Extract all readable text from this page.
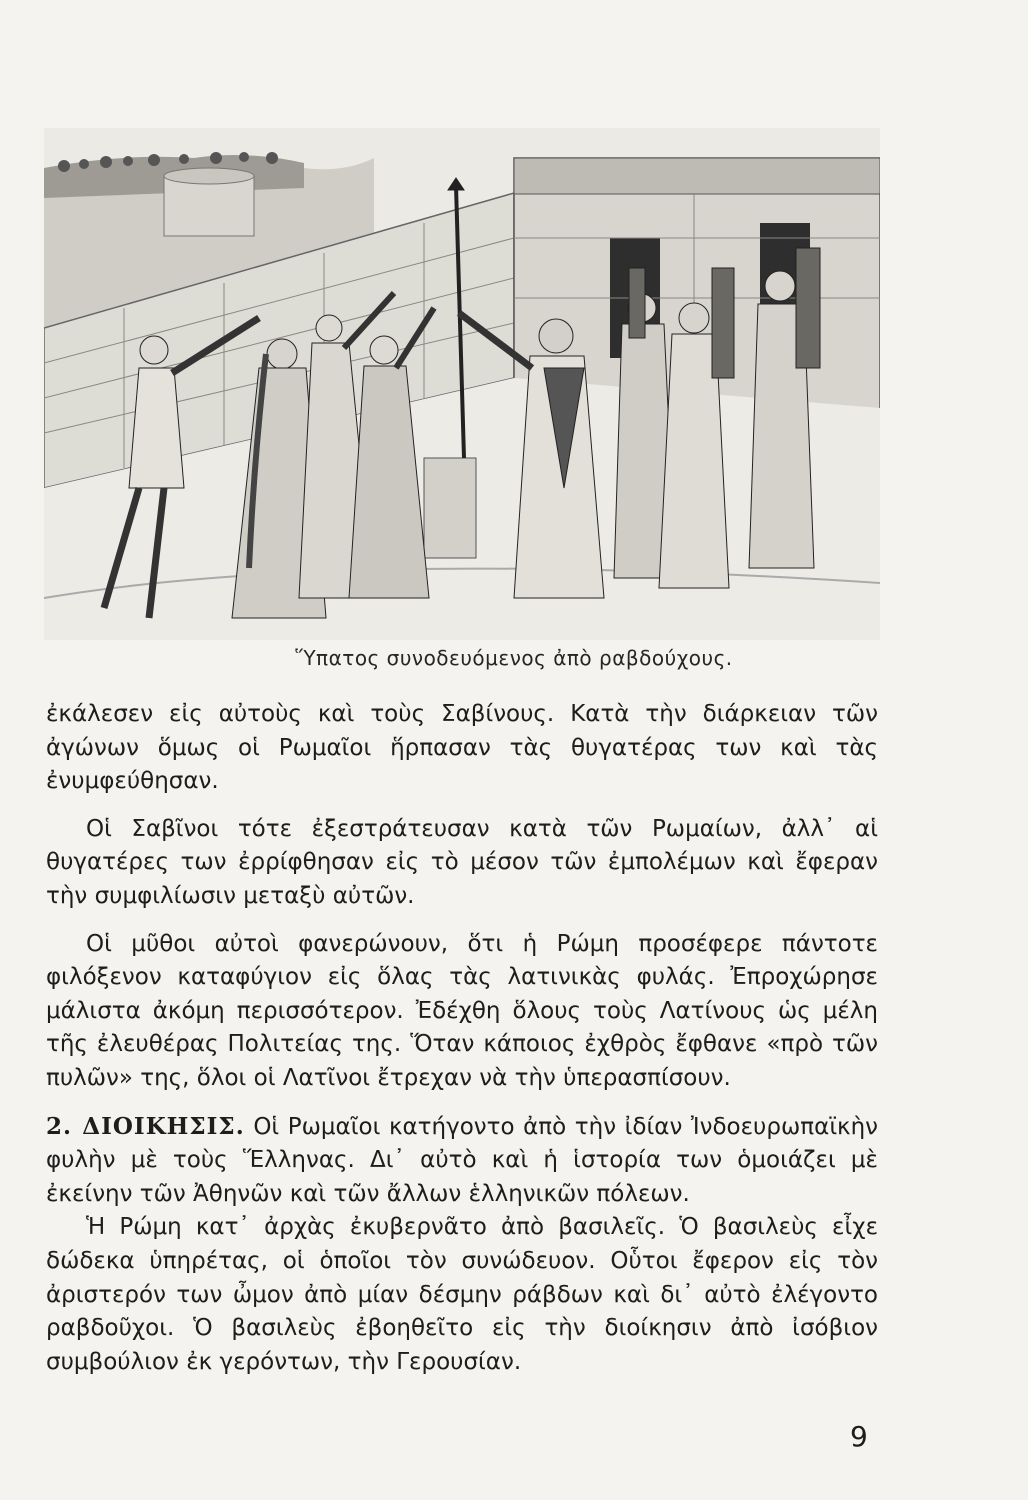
Ὕπατος συνοδευόμενος ἀπὸ ραβδούχους.

ἐκάλεσεν εἰς αὐτοὺς καὶ τοὺς Σαβίνους. Κατὰ τὴν διάρκειαν τῶν ἀγώνων ὅμως οἱ Ρωμαῖοι ἥρπασαν τὰς θυγατέρας των καὶ τὰς ἐνυμφεύθησαν.

Οἱ Σαβῖνοι τότε ἐξεστράτευσαν κατὰ τῶν Ρωμαίων, ἀλλ᾽ αἱ θυγατέρες των ἐρρίφθησαν εἰς τὸ μέσον τῶν ἐμπολέμων καὶ ἔφεραν τὴν συμφιλίωσιν μεταξὺ αὐτῶν.

Οἱ μῦθοι αὐτοὶ φανερώνουν, ὅτι ἡ Ρώμη προσέφερε πάντοτε φιλόξενον καταφύγιον εἰς ὅλας τὰς λατινικὰς φυλάς. Ἐπροχώρησε μάλιστα ἀκόμη περισσότερον. Ἐδέχθη ὅλους τοὺς Λατίνους ὡς μέλη τῆς ἐλευθέρας Πολιτείας της. Ὅταν κάποιος ἐχθρὸς ἔφθανε «πρὸ τῶν πυλῶν» της, ὅλοι οἱ Λατῖνοι ἔτρεχαν νὰ τὴν ὑπερασπίσουν.

2. ΔΙΟΙΚΗΣΙΣ. Οἱ Ρωμαῖοι κατήγοντο ἀπὸ τὴν ἰδίαν Ἰνδοευρωπαϊκὴν φυλὴν μὲ τοὺς Ἕλληνας. Δι᾽ αὐτὸ καὶ ἡ ἱστορία των ὁμοιάζει μὲ ἐκείνην τῶν Ἀθηνῶν καὶ τῶν ἄλλων ἑλληνικῶν πόλεων.

Ἡ Ρώμη κατ᾽ ἀρχὰς ἐκυβερνᾶτο ἀπὸ βασιλεῖς. Ὁ βασιλεὺς εἶχε δώδεκα ὑπηρέτας, οἱ ὁποῖοι τὸν συνώδευον. Οὗτοι ἔφερον εἰς τὸν ἀριστερόν των ὦμον ἀπὸ μίαν δέσμην ράβδων καὶ δι᾽ αὐτὸ ἐλέγοντο ραβδοῦχοι. Ὁ βασιλεὺς ἐβοηθεῖτο εἰς τὴν διοίκησιν ἀπὸ ἰσόβιον συμβούλιον ἐκ γερόντων, τὴν Γερουσίαν.

9
